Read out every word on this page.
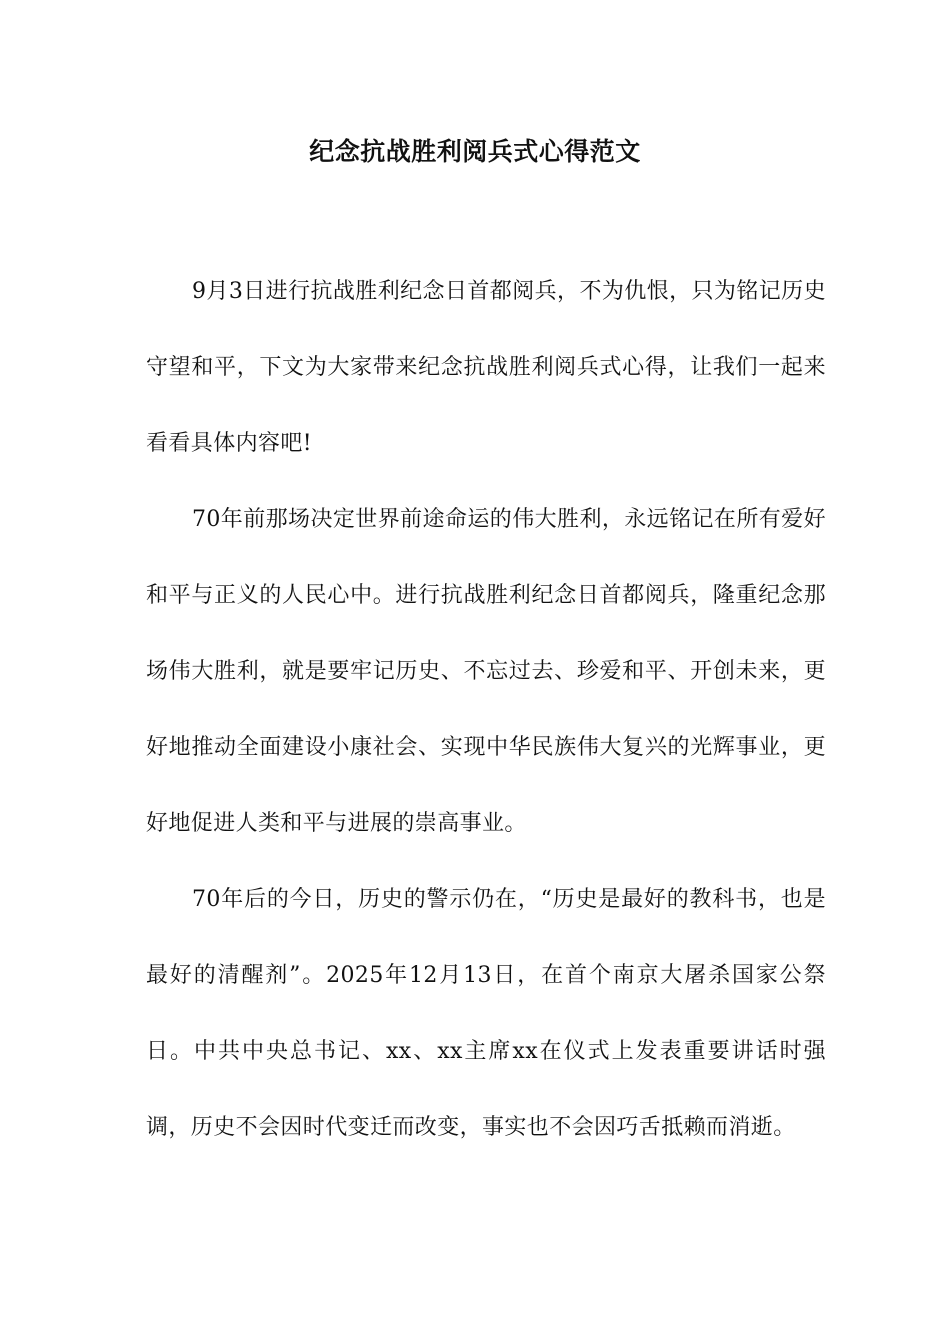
纪念抗战胜利阅兵式心得范文

9月3日进行抗战胜利纪念日首都阅兵，不为仇恨，只为铭记历史守望和平，下文为大家带来纪念抗战胜利阅兵式心得，让我们一起来看看具体内容吧!

70年前那场决定世界前途命运的伟大胜利，永远铭记在所有爱好和平与正义的人民心中。进行抗战胜利纪念日首都阅兵，隆重纪念那场伟大胜利，就是要牢记历史、不忘过去、珍爱和平、开创未来，更好地推动全面建设小康社会、实现中华民族伟大复兴的光辉事业，更好地促进人类和平与进展的崇高事业。

70年后的今日，历史的警示仍在，“历史是最好的教科书，也是最好的清醒剂”。2025年12月13日，在首个南京大屠杀国家公祭日。中共中央总书记、xx、xx主席xx在仪式上发表重要讲话时强调，历史不会因时代变迁而改变，事实也不会因巧舌抵赖而消逝。
